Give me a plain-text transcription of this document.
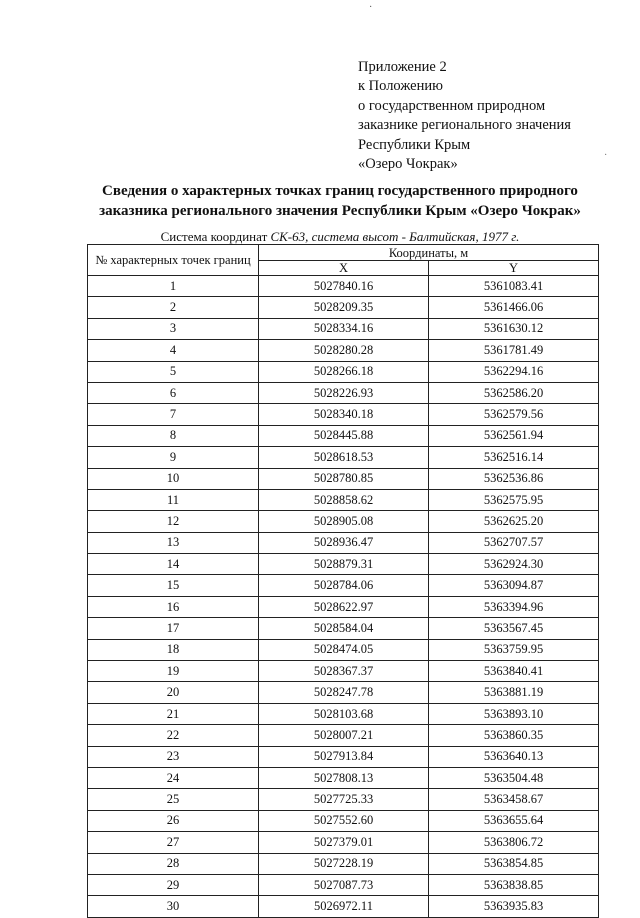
·
·
Приложение 2
к Положению
о государственном природном
заказнике регионального значения
Республики Крым
«Озеро Чокрак»
Сведения о характерных точках границ государственного природного
заказника регионального значения Республики Крым «Озеро Чокрак»
Система координат СК-63, система высот - Балтийская, 1977 г.
№ характерных точек границ	Координаты, м	
	X	Y
1	5027840.16	5361083.41
2	5028209.35	5361466.06
3	5028334.16	5361630.12
4	5028280.28	5361781.49
5	5028266.18	5362294.16
6	5028226.93	5362586.20
7	5028340.18	5362579.56
8	5028445.88	5362561.94
9	5028618.53	5362516.14
10	5028780.85	5362536.86
11	5028858.62	5362575.95
12	5028905.08	5362625.20
13	5028936.47	5362707.57
14	5028879.31	5362924.30
15	5028784.06	5363094.87
16	5028622.97	5363394.96
17	5028584.04	5363567.45
18	5028474.05	5363759.95
19	5028367.37	5363840.41
20	5028247.78	5363881.19
21	5028103.68	5363893.10
22	5028007.21	5363860.35
23	5027913.84	5363640.13
24	5027808.13	5363504.48
25	5027725.33	5363458.67
26	5027552.60	5363655.64
27	5027379.01	5363806.72
28	5027228.19	5363854.85
29	5027087.73	5363838.85
30	5026972.11	5363935.83
